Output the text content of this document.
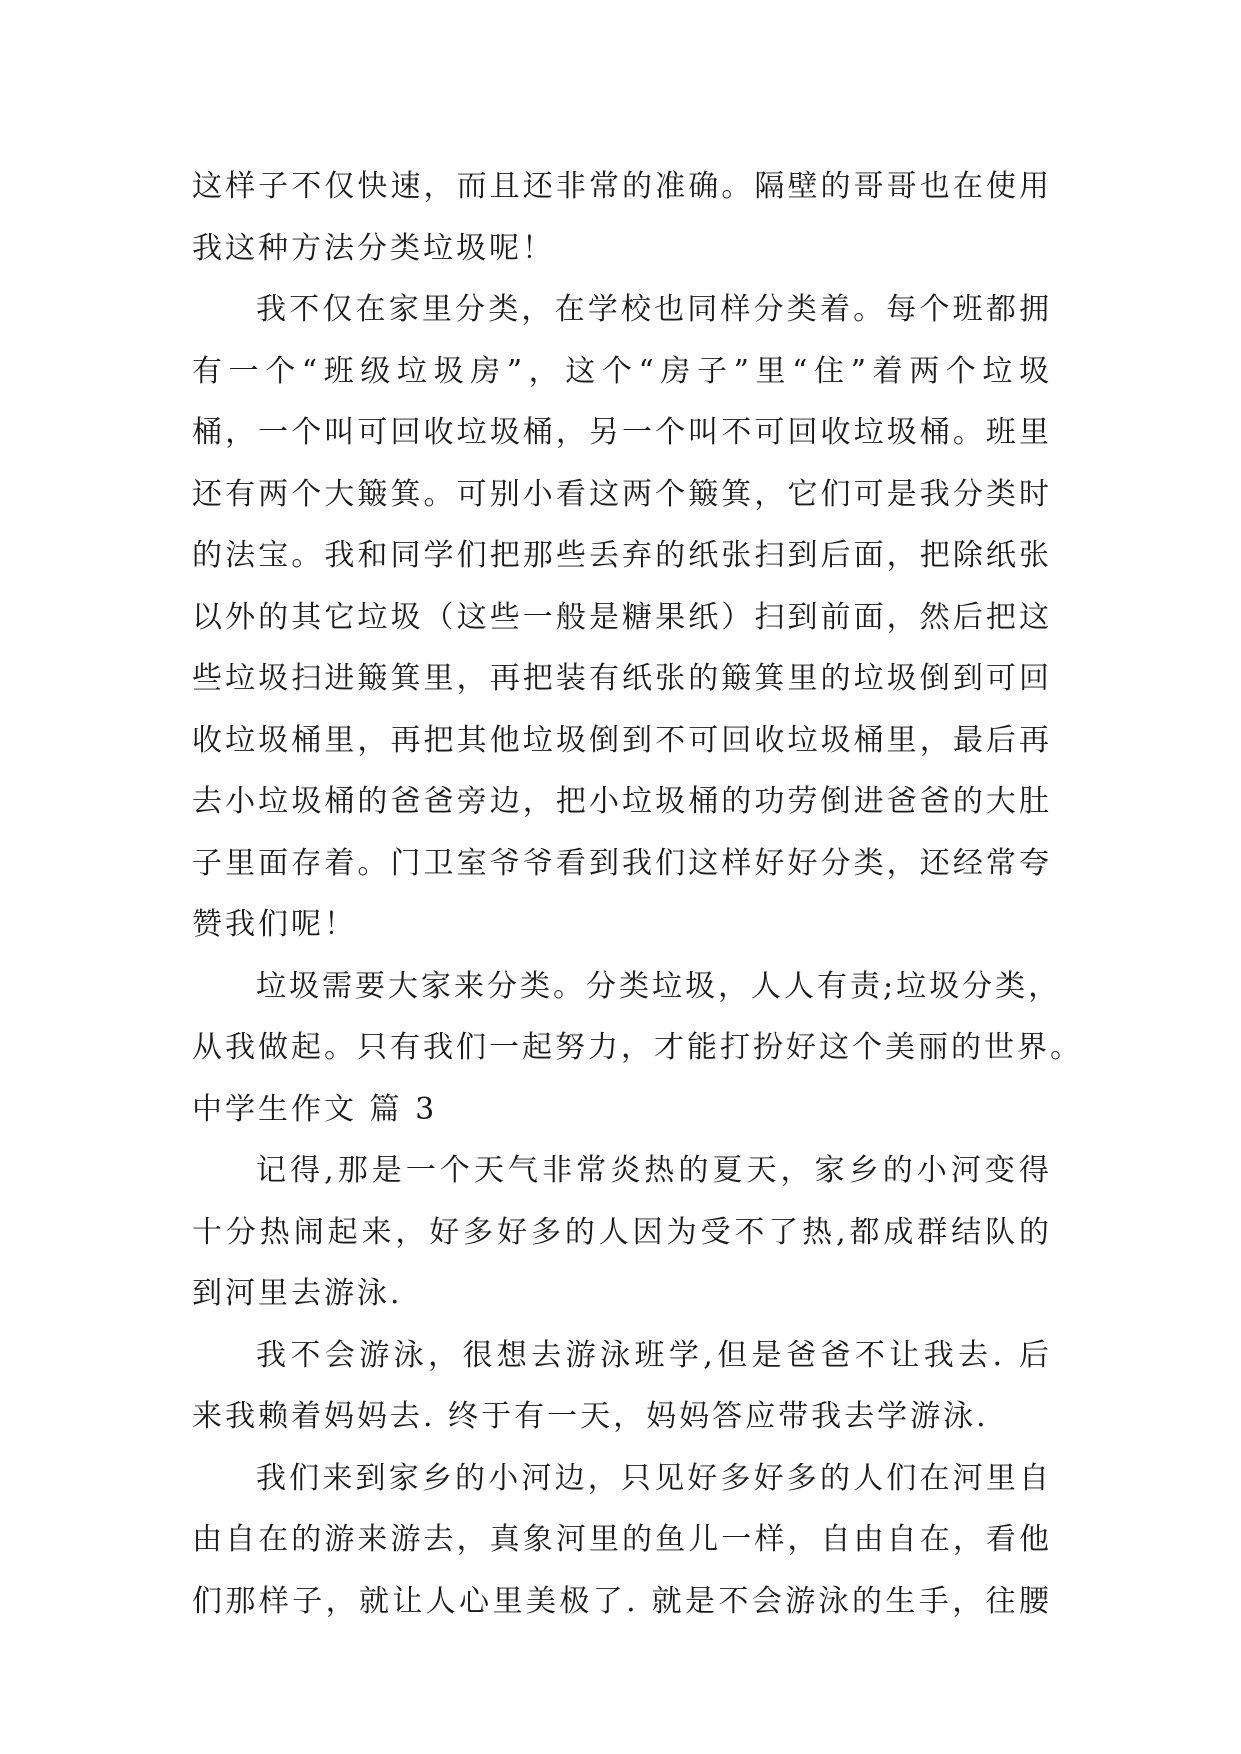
这样子不仅快速，而且还非常的准确。隔壁的哥哥也在使用
我这种方法分类垃圾呢！
我不仅在家里分类，在学校也同样分类着。每个班都拥
有一个“班级垃圾房”，这个“房子”里“住”着两个垃圾
桶，一个叫可回收垃圾桶，另一个叫不可回收垃圾桶。班里
还有两个大簸箕。可别小看这两个簸箕，它们可是我分类时
的法宝。我和同学们把那些丢弃的纸张扫到后面，把除纸张
以外的其它垃圾（这些一般是糖果纸）扫到前面，然后把这
些垃圾扫进簸箕里，再把装有纸张的簸箕里的垃圾倒到可回
收垃圾桶里，再把其他垃圾倒到不可回收垃圾桶里，最后再
去小垃圾桶的爸爸旁边，把小垃圾桶的功劳倒进爸爸的大肚
子里面存着。门卫室爷爷看到我们这样好好分类，还经常夸
赞我们呢！
垃圾需要大家来分类。分类垃圾，人人有责;垃圾分类，
从我做起。只有我们一起努力，才能打扮好这个美丽的世界。
中学生作文 篇 3
记得,那是一个天气非常炎热的夏天，家乡的小河变得
十分热闹起来，好多好多的人因为受不了热,都成群结队的
到河里去游泳.
我不会游泳，很想去游泳班学,但是爸爸不让我去. 后
来我赖着妈妈去. 终于有一天，妈妈答应带我去学游泳.
我们来到家乡的小河边，只见好多好多的人们在河里自
由自在的游来游去，真象河里的鱼儿一样，自由自在，看他
们那样子，就让人心里美极了. 就是不会游泳的生手，往腰
